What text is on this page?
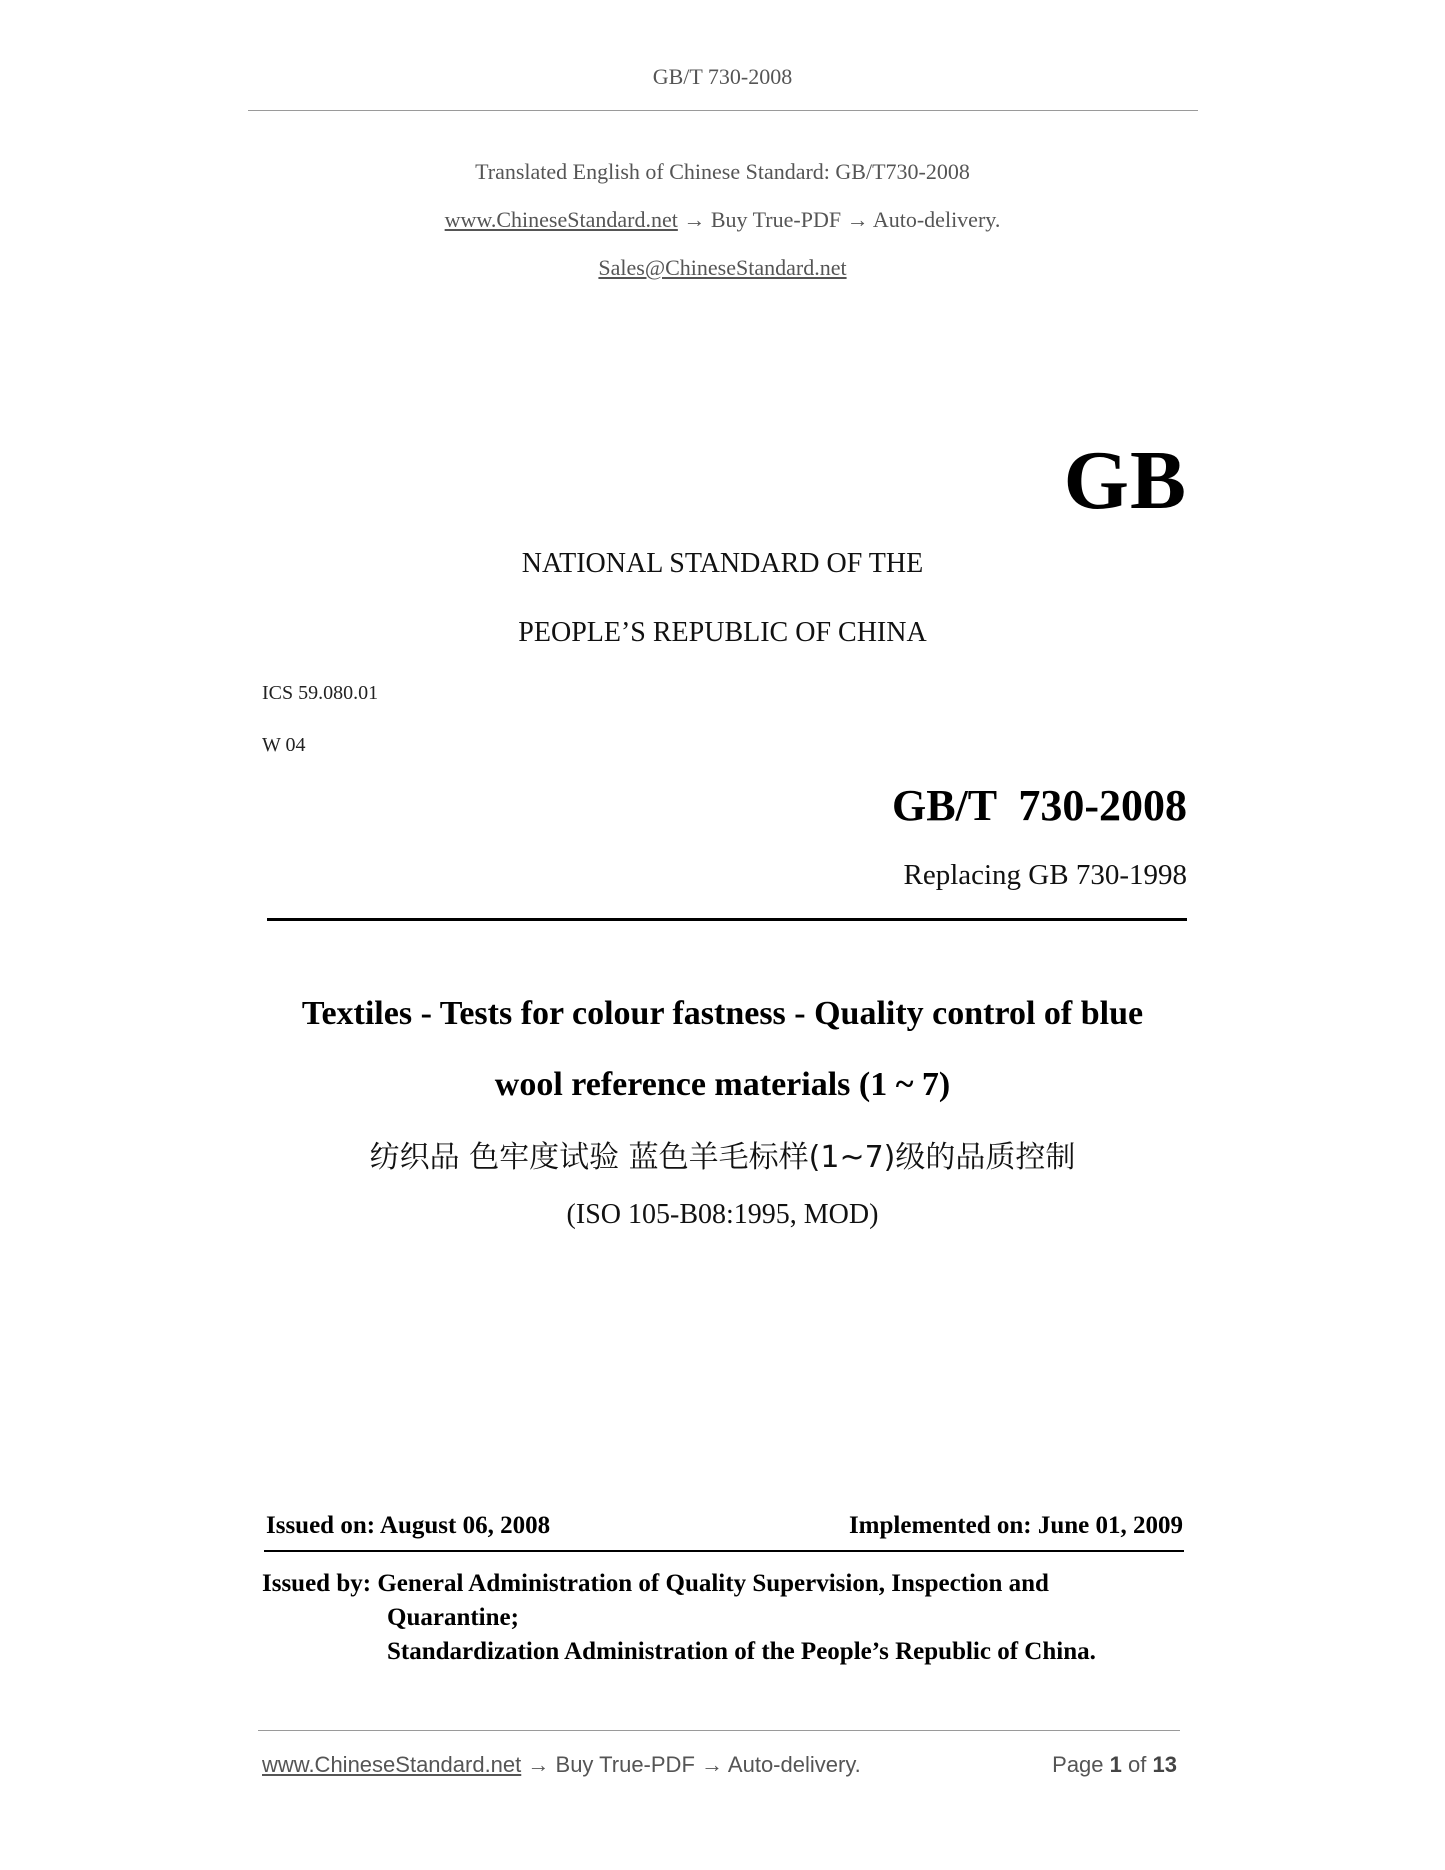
GB/T 730-2008
Translated English of Chinese Standard: GB/T730-2008
www.ChineseStandard.net → Buy True-PDF → Auto-delivery.
Sales@ChineseStandard.net
GB
NATIONAL STANDARD OF THE
PEOPLE’S REPUBLIC OF CHINA
ICS 59.080.01
W 04
GB/T  730-2008
Replacing GB 730-1998
Textiles - Tests for colour fastness - Quality control of blue
wool reference materials (1 ~ 7)
纺织品 色牢度试验 蓝色羊毛标样(1~7)级的品质控制
(ISO 105-B08:1995, MOD)
Issued on: August 06, 2008	Implemented on: June 01, 2009
Issued by: General Administration of Quality Supervision, Inspection and
Quarantine;
Standardization Administration of the People’s Republic of China.
www.ChineseStandard.net → Buy True-PDF → Auto-delivery.	Page 1 of 13
